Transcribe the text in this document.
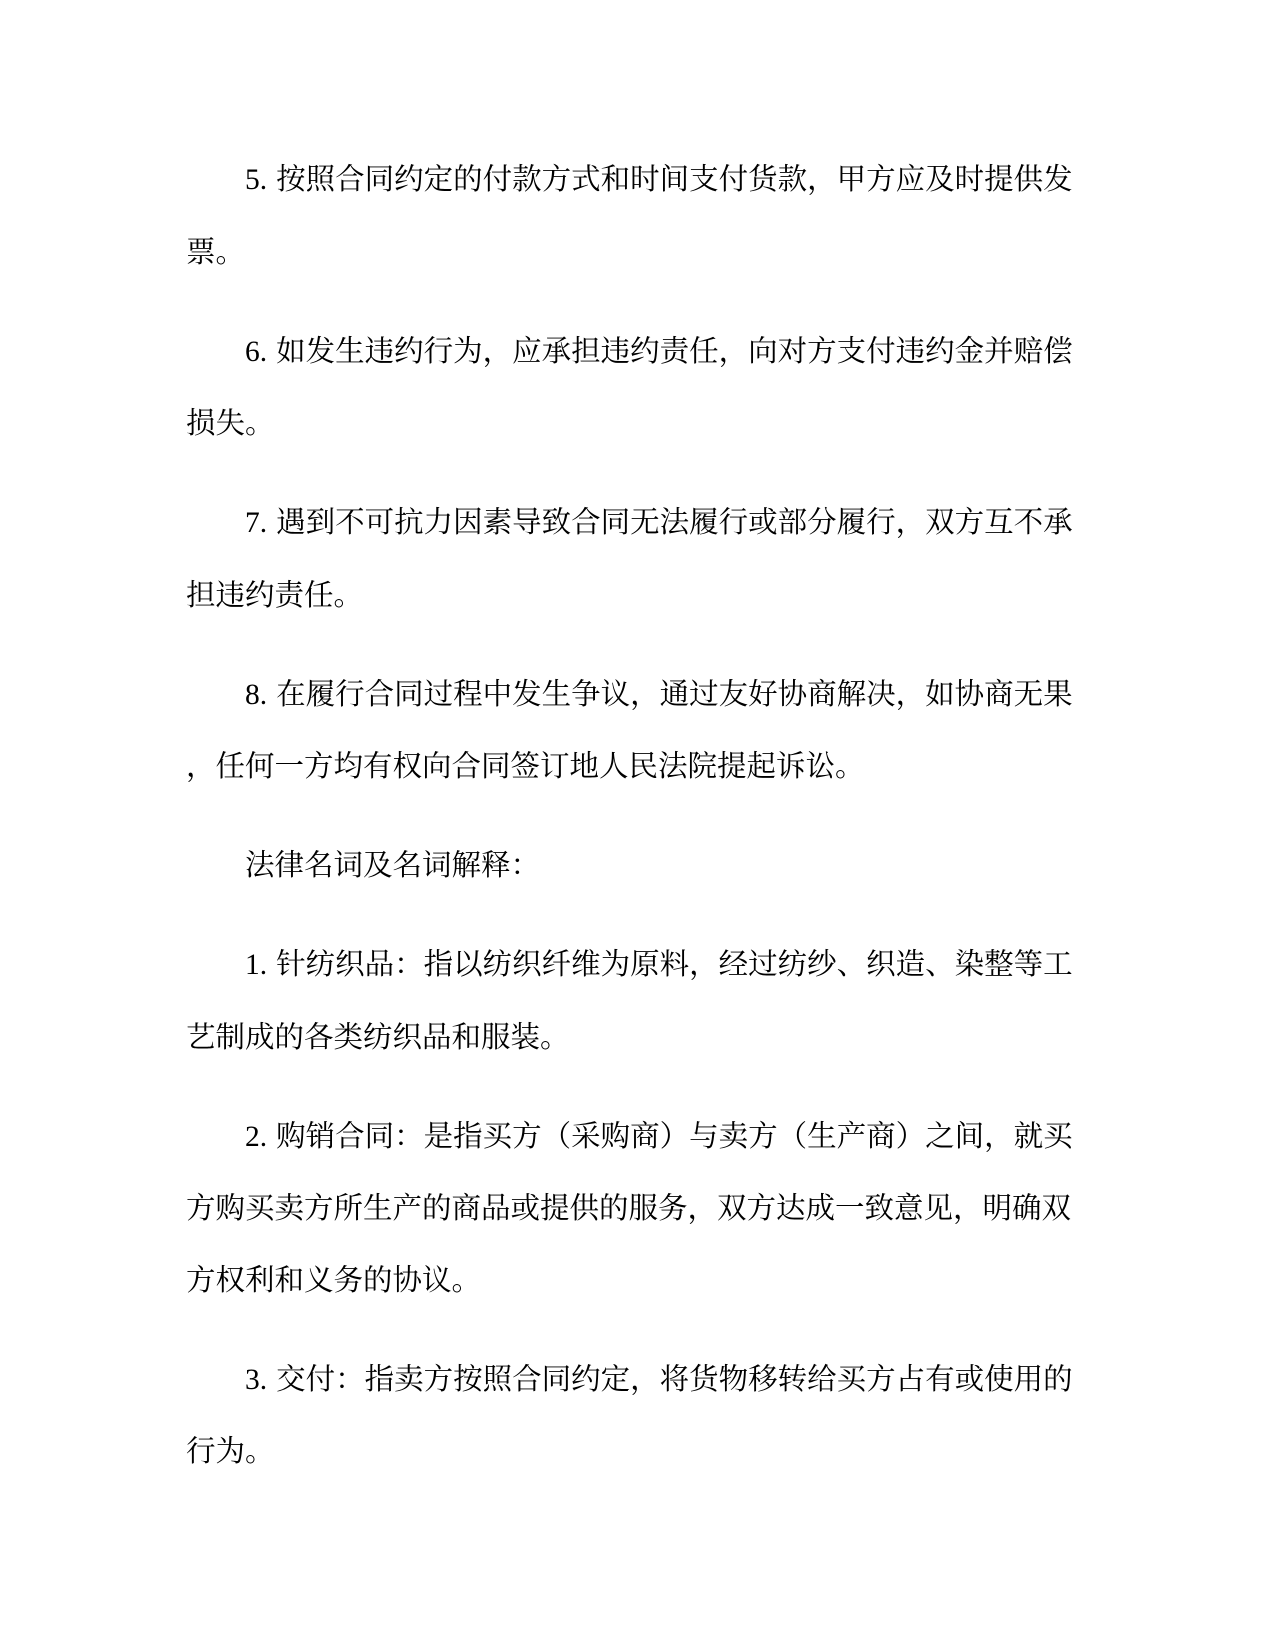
5. 按照合同约定的付款方式和时间支付货款，甲方应及时提供发
票。
6. 如发生违约行为，应承担违约责任，向对方支付违约金并赔偿
损失。
7. 遇到不可抗力因素导致合同无法履行或部分履行，双方互不承
担违约责任。
8. 在履行合同过程中发生争议，通过友好协商解决，如协商无果
，任何一方均有权向合同签订地人民法院提起诉讼。
法律名词及名词解释：
1. 针纺织品：指以纺织纤维为原料，经过纺纱、织造、染整等工
艺制成的各类纺织品和服装。
2. 购销合同：是指买方（采购商）与卖方（生产商）之间，就买
方购买卖方所生产的商品或提供的服务，双方达成一致意见，明确双
方权利和义务的协议。
3. 交付：指卖方按照合同约定，将货物移转给买方占有或使用的
行为。
